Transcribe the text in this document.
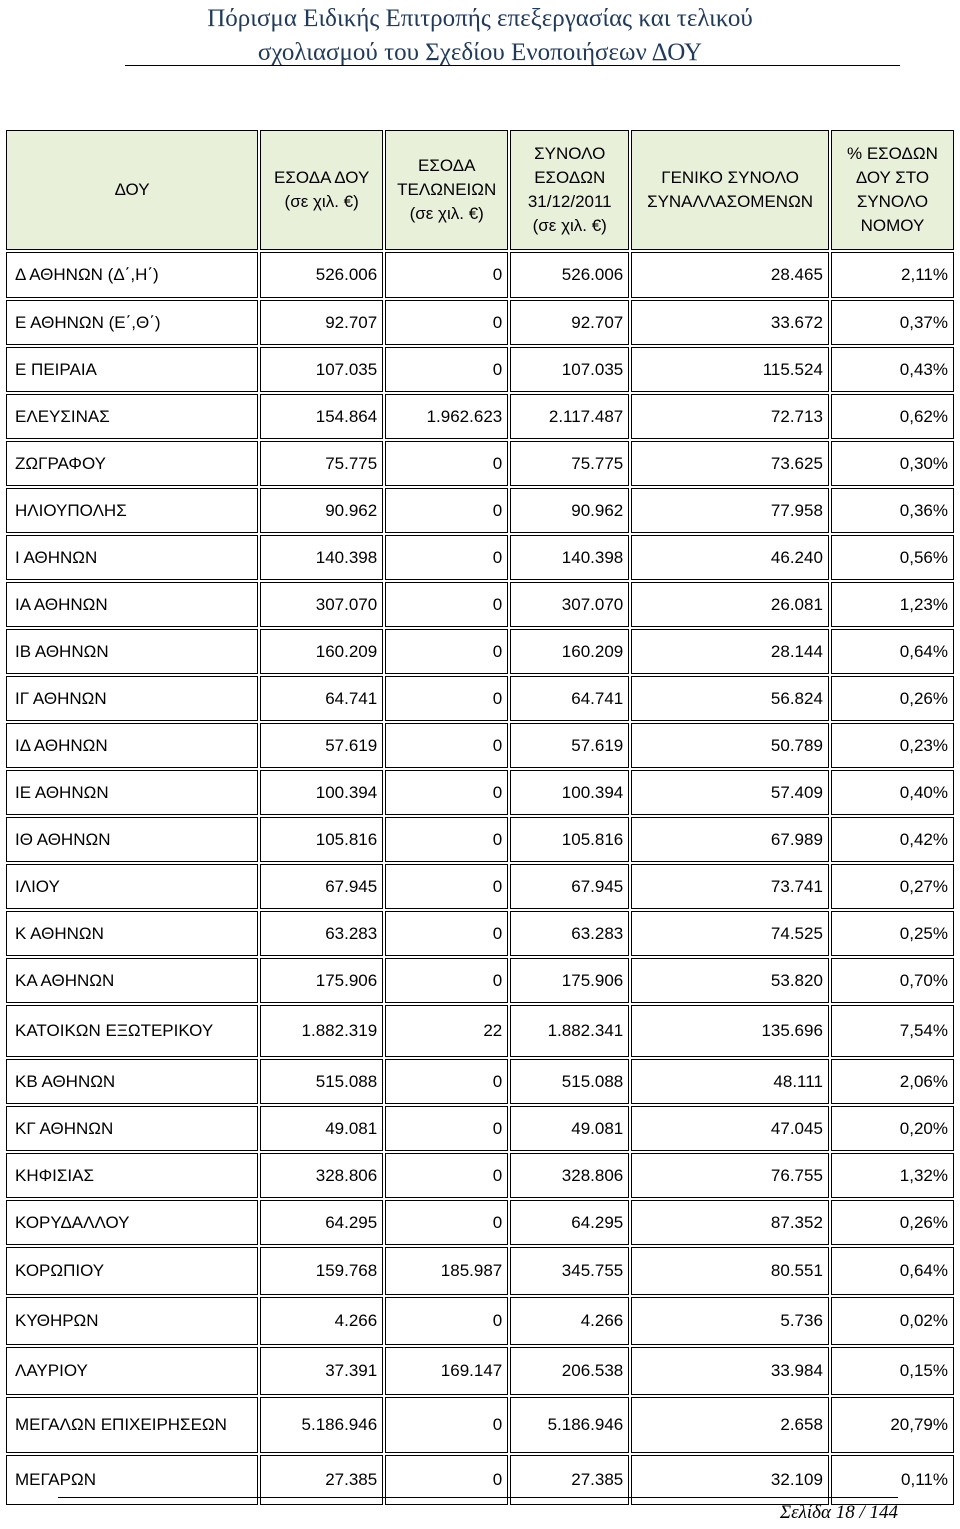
Πόρισμα Ειδικής Επιτροπής επεξεργασίας και τελικού
σχολιασμού του Σχεδίου Ενοποιήσεων ΔΟΥ
ΔΟΥ	ΕΣΟΔΑ ΔΟΥ (σε χιλ. €)	ΕΣΟΔΑ ΤΕΛΩΝΕΙΩΝ (σε χιλ. €)	ΣΥΝΟΛΟ ΕΣΟΔΩΝ 31/12/2011 (σε χιλ. €)	ΓΕΝΙΚΟ ΣΥΝΟΛΟ ΣΥΝΑΛΛΑΣΟΜΕΝΩΝ	% ΕΣΟΔΩΝ ΔΟΥ ΣΤΟ ΣΥΝΟΛΟ ΝΟΜΟΥ
Δ ΑΘΗΝΩΝ (Δ΄,Η΄)	526.006	0	526.006	28.465	2,11%
Ε ΑΘΗΝΩΝ (Ε΄,Θ΄)	92.707	0	92.707	33.672	0,37%
Ε ΠΕΙΡΑΙΑ	107.035	0	107.035	115.524	0,43%
ΕΛΕΥΣΙΝΑΣ	154.864	1.962.623	2.117.487	72.713	0,62%
ΖΩΓΡΑΦΟΥ	75.775	0	75.775	73.625	0,30%
ΗΛΙΟΥΠΟΛΗΣ	90.962	0	90.962	77.958	0,36%
Ι ΑΘΗΝΩΝ	140.398	0	140.398	46.240	0,56%
ΙΑ ΑΘΗΝΩΝ	307.070	0	307.070	26.081	1,23%
ΙΒ ΑΘΗΝΩΝ	160.209	0	160.209	28.144	0,64%
ΙΓ ΑΘΗΝΩΝ	64.741	0	64.741	56.824	0,26%
ΙΔ ΑΘΗΝΩΝ	57.619	0	57.619	50.789	0,23%
ΙΕ ΑΘΗΝΩΝ	100.394	0	100.394	57.409	0,40%
ΙΘ ΑΘΗΝΩΝ	105.816	0	105.816	67.989	0,42%
ΙΛΙΟΥ	67.945	0	67.945	73.741	0,27%
Κ ΑΘΗΝΩΝ	63.283	0	63.283	74.525	0,25%
ΚΑ ΑΘΗΝΩΝ	175.906	0	175.906	53.820	0,70%
ΚΑΤΟΙΚΩΝ ΕΞΩΤΕΡΙΚΟΥ	1.882.319	22	1.882.341	135.696	7,54%
ΚΒ ΑΘΗΝΩΝ	515.088	0	515.088	48.111	2,06%
ΚΓ ΑΘΗΝΩΝ	49.081	0	49.081	47.045	0,20%
ΚΗΦΙΣΙΑΣ	328.806	0	328.806	76.755	1,32%
ΚΟΡΥΔΑΛΛΟΥ	64.295	0	64.295	87.352	0,26%
ΚΟΡΩΠΙΟΥ	159.768	185.987	345.755	80.551	0,64%
ΚΥΘΗΡΩΝ	4.266	0	4.266	5.736	0,02%
ΛΑΥΡΙΟΥ	37.391	169.147	206.538	33.984	0,15%
ΜΕΓΑΛΩΝ ΕΠΙΧΕΙΡΗΣΕΩΝ	5.186.946	0	5.186.946	2.658	20,79%
ΜΕΓΑΡΩΝ	27.385	0	27.385	32.109	0,11%
Σελίδα 18 / 144
